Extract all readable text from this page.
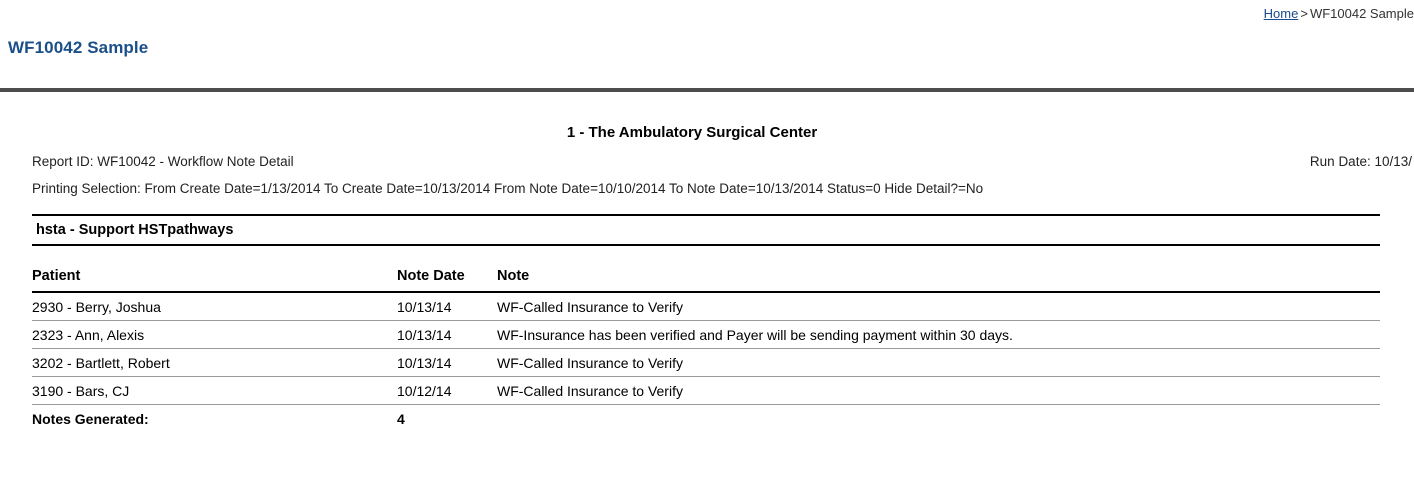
Home > WF10042 Sample
WF10042 Sample
1 - The Ambulatory Surgical Center
Report ID: WF10042 - Workflow Note Detail	Run Date: 10/13/
Printing Selection: From Create Date=1/13/2014 To Create Date=10/13/2014 From Note Date=10/10/2014 To Note Date=10/13/2014 Status=0 Hide Detail?=No
hsta - Support HSTpathways
Patient	Note Date	Note
2930 - Berry, Joshua	10/13/14	WF-Called Insurance to Verify
2323 - Ann, Alexis	10/13/14	WF-Insurance has been verified and Payer will be sending payment within 30 days.
3202 - Bartlett, Robert	10/13/14	WF-Called Insurance to Verify
3190 - Bars, CJ	10/12/14	WF-Called Insurance to Verify
Notes Generated:	4	
